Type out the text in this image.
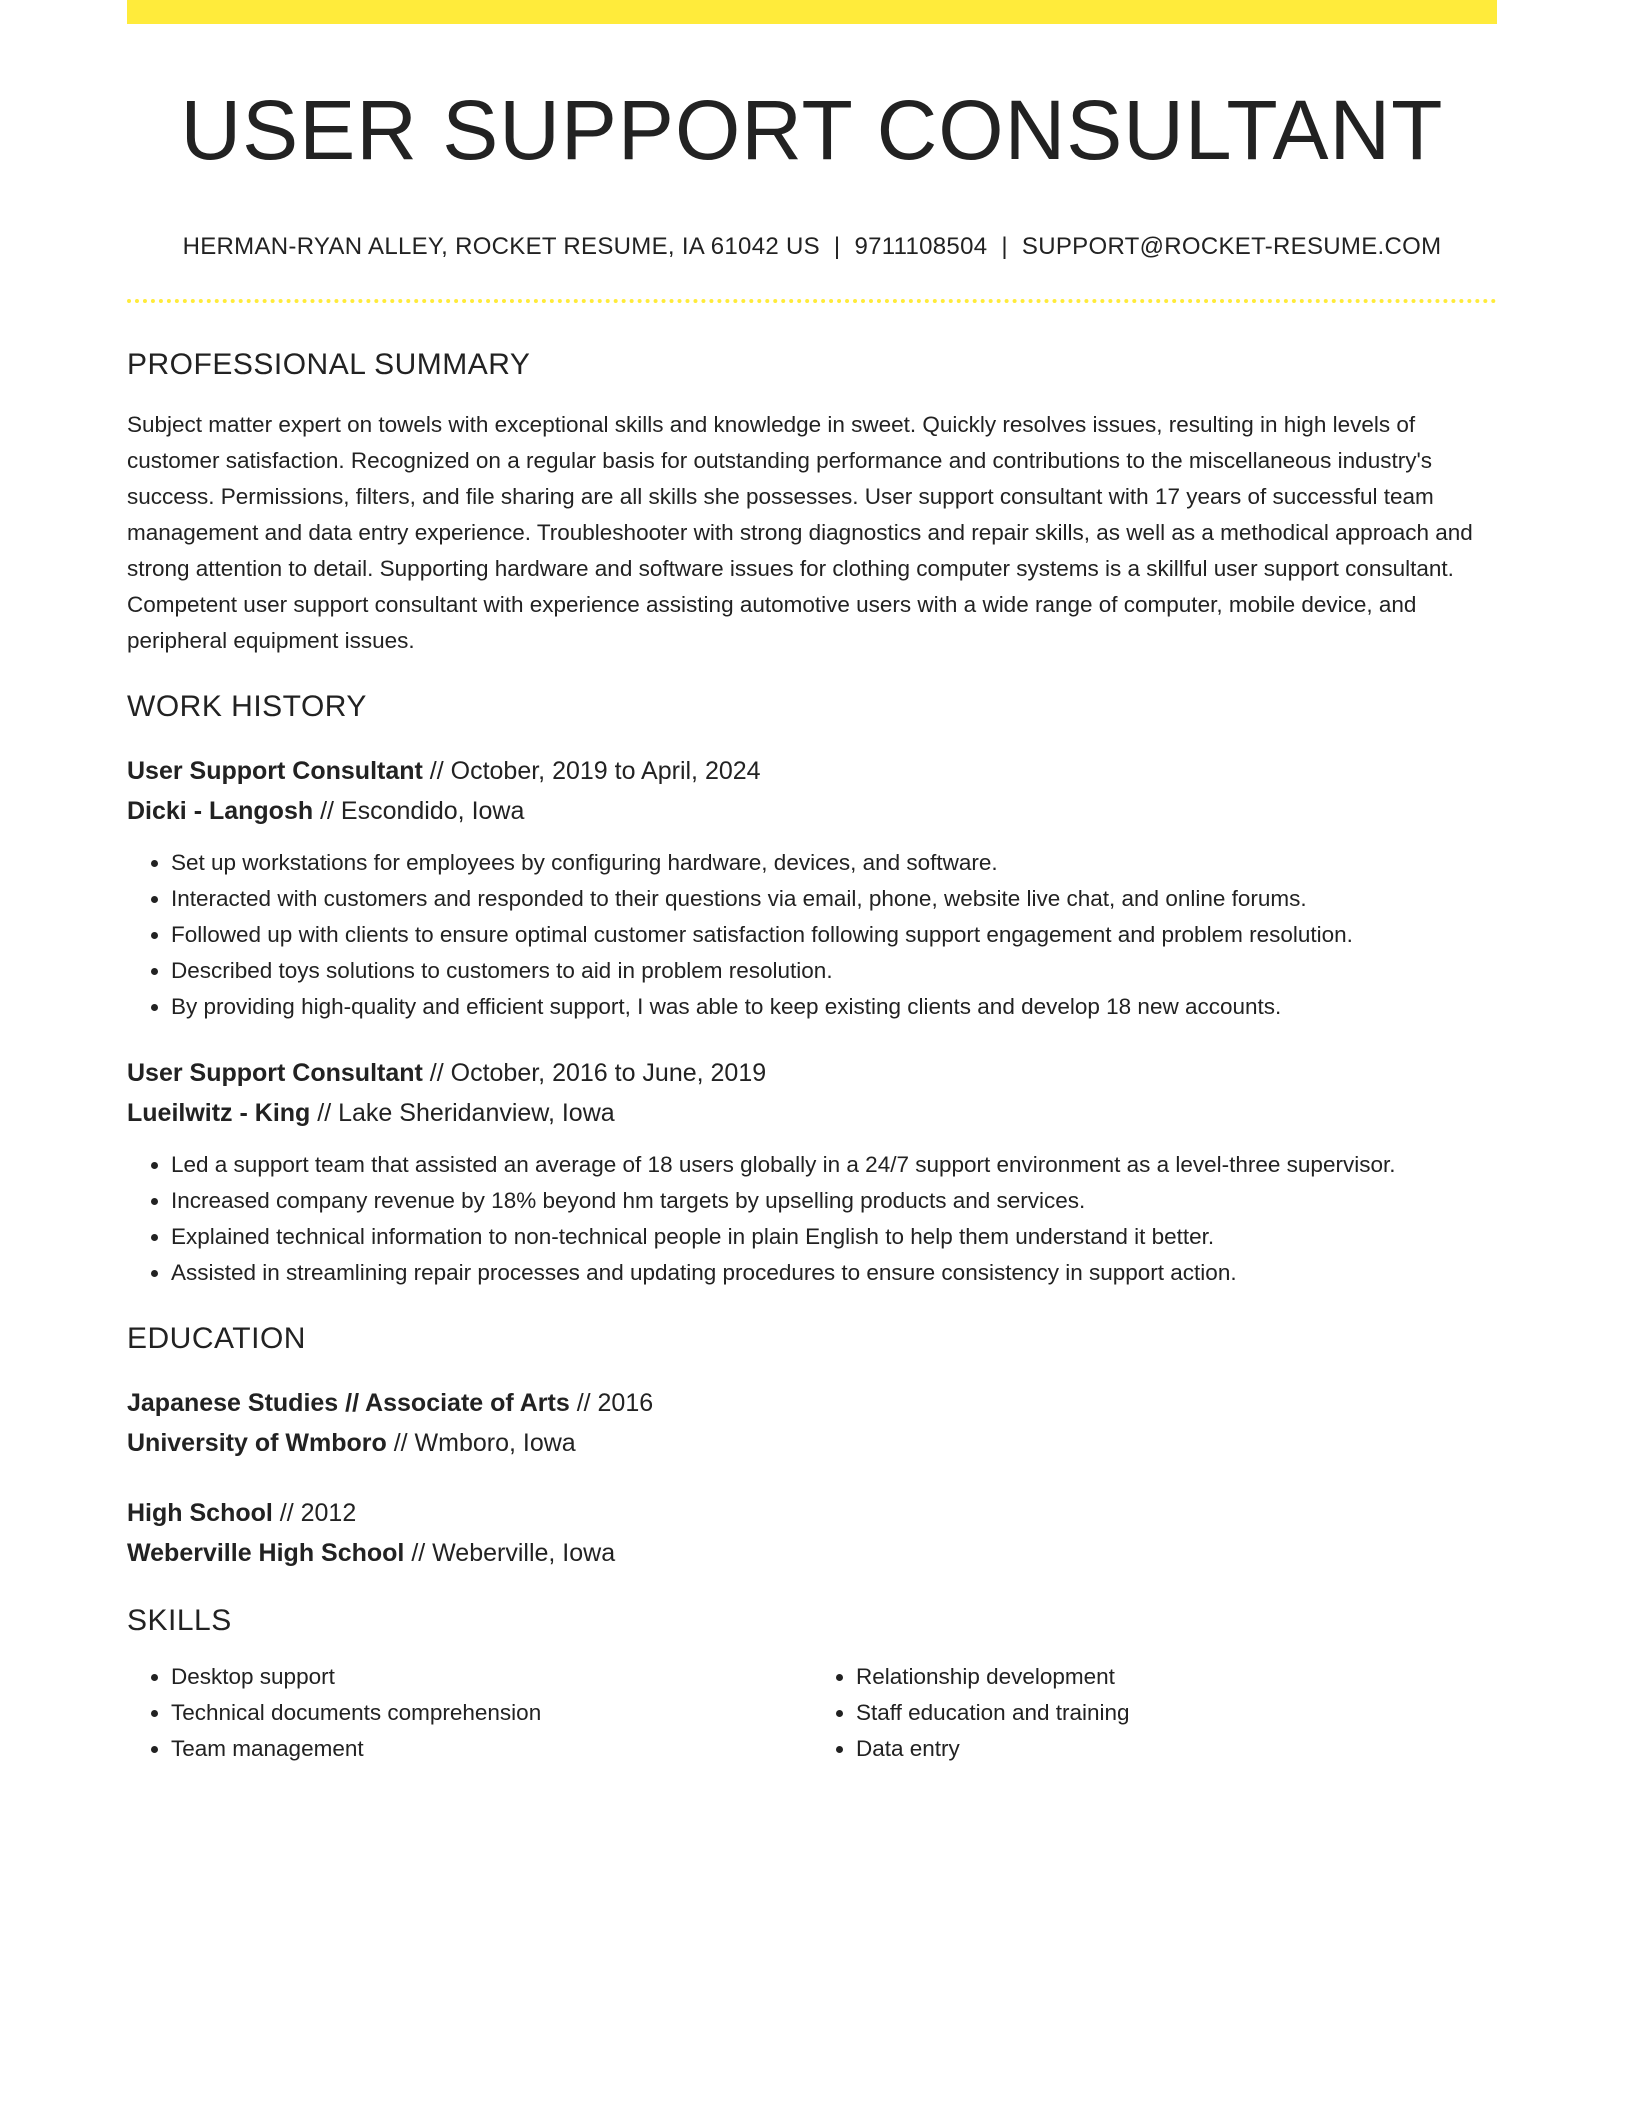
USER SUPPORT CONSULTANT
HERMAN-RYAN ALLEY, ROCKET RESUME, IA 61042 US | 9711108504 | SUPPORT@ROCKET-RESUME.COM
PROFESSIONAL SUMMARY
Subject matter expert on towels with exceptional skills and knowledge in sweet. Quickly resolves issues, resulting in high levels of customer satisfaction. Recognized on a regular basis for outstanding performance and contributions to the miscellaneous industry's success. Permissions, filters, and file sharing are all skills she possesses. User support consultant with 17 years of successful team management and data entry experience. Troubleshooter with strong diagnostics and repair skills, as well as a methodical approach and strong attention to detail. Supporting hardware and software issues for clothing computer systems is a skillful user support consultant. Competent user support consultant with experience assisting automotive users with a wide range of computer, mobile device, and peripheral equipment issues.
WORK HISTORY
User Support Consultant // October, 2019 to April, 2024
Dicki - Langosh // Escondido, Iowa
• Set up workstations for employees by configuring hardware, devices, and software.
• Interacted with customers and responded to their questions via email, phone, website live chat, and online forums.
• Followed up with clients to ensure optimal customer satisfaction following support engagement and problem resolution.
• Described toys solutions to customers to aid in problem resolution.
• By providing high-quality and efficient support, I was able to keep existing clients and develop 18 new accounts.
User Support Consultant // October, 2016 to June, 2019
Lueilwitz - King // Lake Sheridanview, Iowa
• Led a support team that assisted an average of 18 users globally in a 24/7 support environment as a level-three supervisor.
• Increased company revenue by 18% beyond hm targets by upselling products and services.
• Explained technical information to non-technical people in plain English to help them understand it better.
• Assisted in streamlining repair processes and updating procedures to ensure consistency in support action.
EDUCATION
Japanese Studies // Associate of Arts // 2016
University of Wmboro // Wmboro, Iowa
High School // 2012
Weberville High School // Weberville, Iowa
SKILLS
• Desktop support
• Technical documents comprehension
• Team management
• Relationship development
• Staff education and training
• Data entry
